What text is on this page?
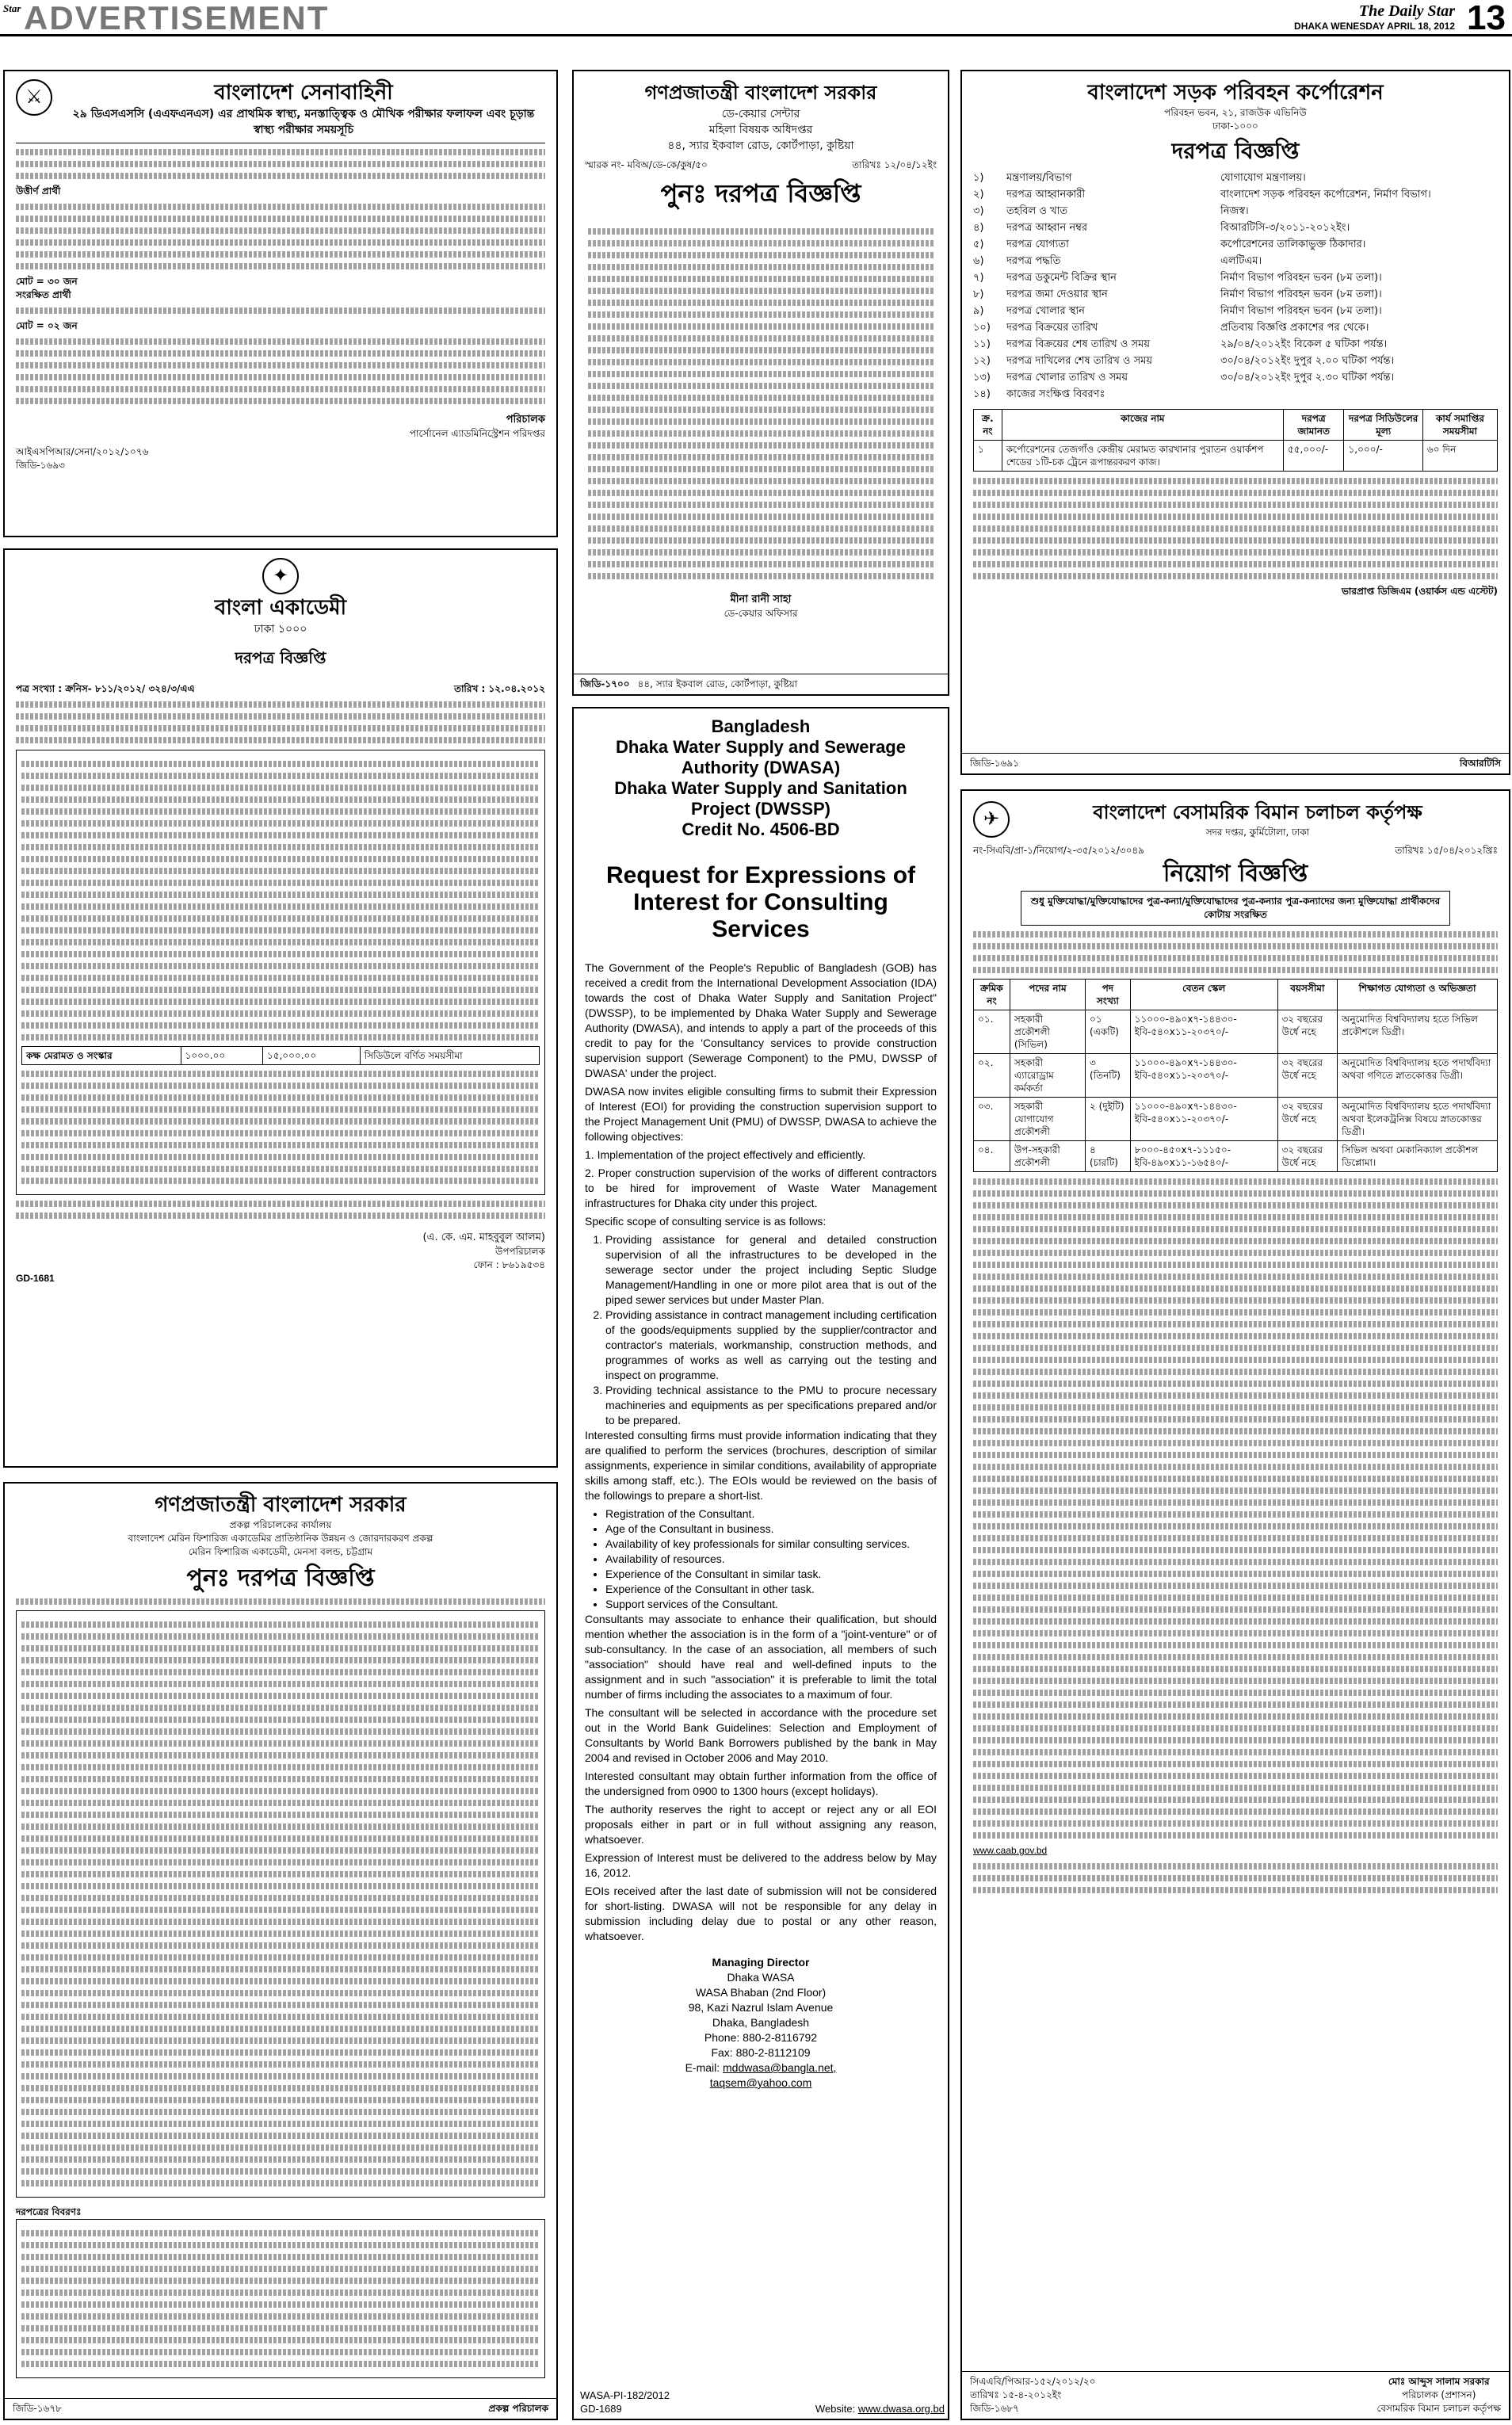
Star ADVERTISEMENT	The Daily Star
DHAKA WENESDAY APRIL 18, 2012 13
⚔	বাংলাদেশ সেনাবাহিনী
২৯ ডিএসএসসি (এএফএনএস) এর প্রাথমিক স্বাস্থ্য, মনস্তাত্ত্বিক ও মৌখিক পরীক্ষার ফলাফল এবং চূড়ান্ত স্বাস্থ্য পরীক্ষার সময়সূচি
উত্তীর্ণ প্রার্থী
মোট = ৩০ জন
সংরক্ষিত প্রার্থী
মোট = ০২ জন
পরিচালক
পার্সোনেল এ্যাডমিনিস্ট্রেশন পরিদপ্তর
আইএসপিআর/সেনা/২০১২/১০৭৬
জিডি-১৬৯৩
গণপ্রজাতন্ত্রী বাংলাদেশ সরকার
ডে-কেয়ার সেন্টার
মহিলা বিষয়ক অধিদপ্তর
৪৪, স্যার ইকবাল রোড, কোর্টপাড়া, কুষ্টিয়া
স্মারক নং- মবিঅ/ডে-কে/কুষ/৫০	তারিখঃ ১২/০৪/১২ইং
পুনঃ দরপত্র বিজ্ঞপ্তি
মীনা রানী সাহা
ডে-কেয়ার অফিসার
জিডি-১৭০০ ৪৪, স্যার ইকবাল রোড, কোর্টপাড়া, কুষ্টিয়া
বাংলাদেশ সড়ক পরিবহন কর্পোরেশন
পরিবহন ভবন, ২১, রাজউক এভিনিউ
ঢাকা-১০০০
দরপত্র বিজ্ঞপ্তি
১)	মন্ত্রণালয়/বিভাগ	যোগাযোগ মন্ত্রণালয়।
২)	দরপত্র আহ্বানকারী	বাংলাদেশ সড়ক পরিবহন কর্পোরেশন, নির্মাণ বিভাগ।
৩)	তহবিল ও খাত	নিজস্ব।
৪)	দরপত্র আহ্বান নম্বর	বিআরটিসি-৩/২০১১-২০১২ইং।
৫)	দরপত্র যোগ্যতা	কর্পোরেশনের তালিকাভুক্ত ঠিকাদার।
৬)	দরপত্র পদ্ধতি	এলটিএম।
৭)	দরপত্র ডকুমেন্ট বিক্রির স্থান	নির্মাণ বিভাগ পরিবহন ভবন (৮ম তলা)।
৮)	দরপত্র জমা দেওয়ার স্থান	নির্মাণ বিভাগ পরিবহন ভবন (৮ম তলা)।
৯)	দরপত্র খোলার স্থান	নির্মাণ বিভাগ পরিবহন ভবন (৮ম তলা)।
১০)	দরপত্র বিক্রয়ের তারিখ	প্রতিবায় বিজ্ঞপ্তি প্রকাশের পর থেকে।
১১)	দরপত্র বিক্রয়ের শেষ তারিখ ও সময়	২৯/০৪/২০১২ইং বিকেল ৫ ঘটিকা পর্যন্ত।
১২)	দরপত্র দাখিলের শেষ তারিখ ও সময়	৩০/০৪/২০১২ইং দুপুর ২.০০ ঘটিকা পর্যন্ত।
১৩)	দরপত্র খোলার তারিখ ও সময়	৩০/০৪/২০১২ইং দুপুর ২.৩০ ঘটিকা পর্যন্ত।
১৪)	কাজের সংক্ষিপ্ত বিবরণঃ
ক্র. নং	কাজের নাম	দরপত্র জামানত	দরপত্র সিডিউলের মূল্য	কার্য সমাপ্তির সময়সীমা
১	কর্পোরেশনের তেজগাঁও কেন্দ্রীয় মেরামত কারখানার পুরাতন ওয়ার্কশপ শেডের ১টি-চক ট্রেনে রূপান্তরকরণ কাজ।	৫৫,০০০/-	১,০০০/-	৬০ দিন
ভারপ্রাপ্ত ডিজিএম (ওয়ার্কস এন্ড এস্টেট)
জিডি-১৬৯১	বিআরটিসি
✦
বাংলা একাডেমী
ঢাকা ১০০০
দরপত্র বিজ্ঞপ্তি
পত্র সংখ্যা : ক্রনিস- ৮১১/২০১২/ ৩২৪/৩/এএ	তারিখ : ১২.০৪.২০১২
কক্ষ মেরামত ও সংস্কার	১০০০.০০	১৫,০০০.০০	সিডিউলে বর্ণিত সময়সীমা
(এ. কে. এম. মাহবুবুল আলম)
উপপরিচালক
ফোন : ৮৬১৯৫৩৪
GD-1681
Bangladesh
Dhaka Water Supply and Sewerage
Authority (DWASA)
Dhaka Water Supply and Sanitation
Project (DWSSP)
Credit No. 4506-BD
Request for Expressions of Interest for Consulting Services

The Government of the People's Republic of Bangladesh (GOB) has received a credit from the International Development Association (IDA) towards the cost of Dhaka Water Supply and Sanitation Project" (DWSSP), to be implemented by Dhaka Water Supply and Sewerage Authority (DWASA), and intends to apply a part of the proceeds of this credit to pay for the 'Consultancy services to provide construction supervision support (Sewerage Component) to the PMU, DWSSP of DWASA' under the project.

DWASA now invites eligible consulting firms to submit their Expression of Interest (EOI) for providing the construction supervision support to the Project Management Unit (PMU) of DWSSP, DWASA to achieve the following objectives:

1. Implementation of the project effectively and efficiently.

2. Proper construction supervision of the works of different contractors to be hired for improvement of Waste Water Management infrastructures for Dhaka city under this project.

Specific scope of consulting service is as follows:

1. Providing assistance for general and detailed construction supervision of all the infrastructures to be developed in the sewerage sector under the project including Septic Sludge Management/Handling in one or more pilot area that is out of the piped sewer services but under Master Plan.
2. Providing assistance in contract management including certification of the goods/equipments supplied by the supplier/contractor and contractor's materials, workmanship, construction methods, and programmes of works as well as carrying out the testing and inspect on programme.
3. Providing technical assistance to the PMU to procure necessary machineries and equipments as per specifications prepared and/or to be prepared.

Interested consulting firms must provide information indicating that they are qualified to perform the services (brochures, description of similar assignments, experience in similar conditions, availability of appropriate skills among staff, etc.). The EOIs would be reviewed on the basis of the followings to prepare a short-list.

• Registration of the Consultant.
• Age of the Consultant in business.
• Availability of key professionals for similar consulting services.
• Availability of resources.
• Experience of the Consultant in similar task.
• Experience of the Consultant in other task.
• Support services of the Consultant.

Consultants may associate to enhance their qualification, but should mention whether the association is in the form of a "joint-venture" or of sub-consultancy. In the case of an association, all members of such "association" should have real and well-defined inputs to the assignment and in such "association" it is preferable to limit the total number of firms including the associates to a maximum of four.

The consultant will be selected in accordance with the procedure set out in the World Bank Guidelines: Selection and Employment of Consultants by World Bank Borrowers published by the bank in May 2004 and revised in October 2006 and May 2010.

Interested consultant may obtain further information from the office of the undersigned from 0900 to 1300 hours (except holidays).

The authority reserves the right to accept or reject any or all EOI proposals either in part or in full without assigning any reason, whatsoever.

Expression of Interest must be delivered to the address below by May 16, 2012.

EOIs received after the last date of submission will not be considered for short-listing. DWASA will not be responsible for any delay in submission including delay due to postal or any other reason, whatsoever.

Managing Director
Dhaka WASA
WASA Bhaban (2nd Floor)
98, Kazi Nazrul Islam Avenue
Dhaka, Bangladesh
Phone: 880-2-8116792
Fax: 880-2-8112109
E-mail: mddwasa@bangla.net,
taqsem@yahoo.com
WASA-PI-182/2012
GD-1689	Website: www.dwasa.org.bd
✈	বাংলাদেশ বেসামরিক বিমান চলাচল কর্তৃপক্ষ
সদর দপ্তর, কুর্মিটোলা, ঢাকা
নং-সিএবি/প্রা-১/নিয়োগ/২-৩৫/২০১২/৩০৪৯	তারিখঃ ১৫/০৪/২০১২খ্রিঃ
নিয়োগ বিজ্ঞপ্তি
শুধু মুক্তিযোদ্ধা/মুক্তিযোদ্ধাদের পুত্র-কন্যা/মুক্তিযোদ্ধাদের পুত্র-কন্যার পুত্র-কন্যাদের জন্য মুক্তিযোদ্ধা প্রার্থীকদের কোটায় সংরক্ষিত
ক্রমিক নং	পদের নাম	পদ সংখ্যা	বেতন স্কেল	বয়সসীমা	শিক্ষাগত যোগ্যতা ও অভিজ্ঞতা
০১.	সহকারী প্রকৌশলী (সিভিল)	০১ (একটি)	১১০০০-৪৯০x৭-১৪৪৩০-ইবি-৫৪০x১১-২০৩৭০/-	৩২ বছরের উর্ধে নহে	অনুমোদিত বিশ্ববিদ্যালয় হতে সিভিল প্রকৌশলে ডিগ্রী।
০২.	সহকারী এ্যারোড্রাম কর্মকর্তা	৩ (তিনটি)	১১০০০-৪৯০x৭-১৪৪৩০-ইবি-৫৪০x১১-২০৩৭০/-	৩২ বছরের উর্ধে নহে	অনুমোদিত বিশ্ববিদ্যালয় হতে পদার্থবিদ্যা অথবা গণিতে স্নাতকোত্তর ডিগ্রী।
০৩.	সহকারী যোগাযোগ প্রকৌশলী	২ (দুইটি)	১১০০০-৪৯০x৭-১৪৪৩০-ইবি-৫৪০x১১-২০৩৭০/-	৩২ বছরের উর্ধে নহে	অনুমোদিত বিশ্ববিদ্যালয় হতে পদার্থবিদ্যা অথবা ইলেকট্রনিক্স বিষয়ে স্নাতকোত্তর ডিগ্রী।
০৪.	উপ-সহকারী প্রকৌশলী	৪ (চারটি)	৮০০০-৪৫০x৭-১১১৫০-ইবি-৪৯০x১১-১৬৫৪০/-	৩২ বছরের উর্ধে নহে	সিভিল অথবা মেকানিক্যাল প্রকৌশল ডিপ্লোমা।
www.caab.gov.bd
সিএএবি/পিআর-১৫২/২০১২/২০
তারিখঃ ১৫-৪-২০১২ইং
জিডি-১৬৮৭
মোঃ আব্দুস সালাম সরকার
পরিচালক (প্রশাসন)
বেসামরিক বিমান চলাচল কর্তৃপক্ষ
গণপ্রজাতন্ত্রী বাংলাদেশ সরকার
প্রকল্প পরিচালকের কার্যালয়
বাংলাদেশ মেরিন ফিশারিজ একাডেমির প্রাতিষ্ঠানিক উন্নয়ন ও জোরদারকরণ প্রকল্প
মেরিন ফিশারিজ একাডেমী, মেনসা বলন্ড, চট্টগ্রাম
পুনঃ দরপত্র বিজ্ঞপ্তি
দরপত্রের বিবরণঃ
জিডি-১৬৭৮	প্রকল্প পরিচালক
